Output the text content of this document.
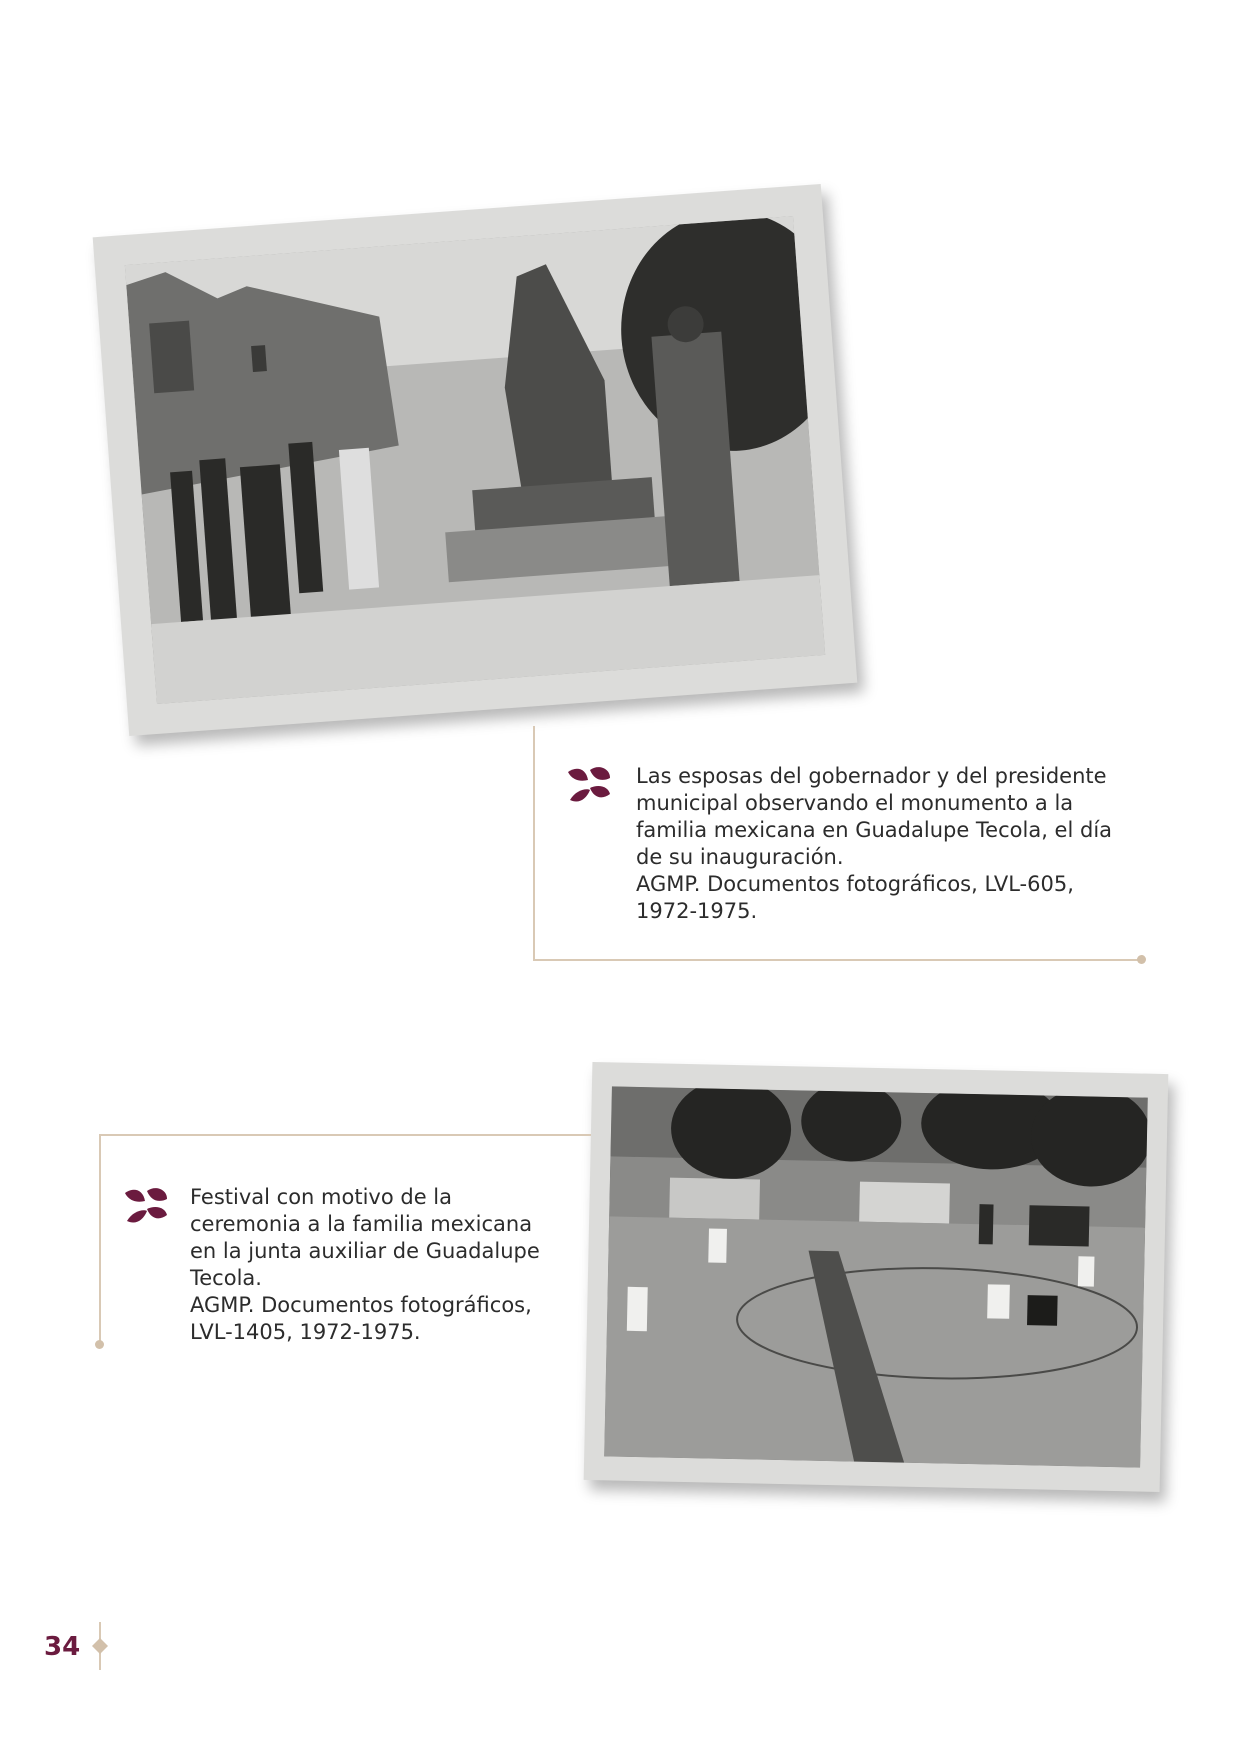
Las esposas del gobernador y del presidente
municipal observando el monumento a la
familia mexicana en Guadalupe Tecola, el día
de su inauguración.
AGMP. Documentos fotográficos, LVL-605,
1972-1975.
Festival con motivo de la
ceremonia a la familia mexicana
en la junta auxiliar de Guadalupe
Tecola.
AGMP. Documentos fotográficos,
LVL-1405, 1972-1975.
34
